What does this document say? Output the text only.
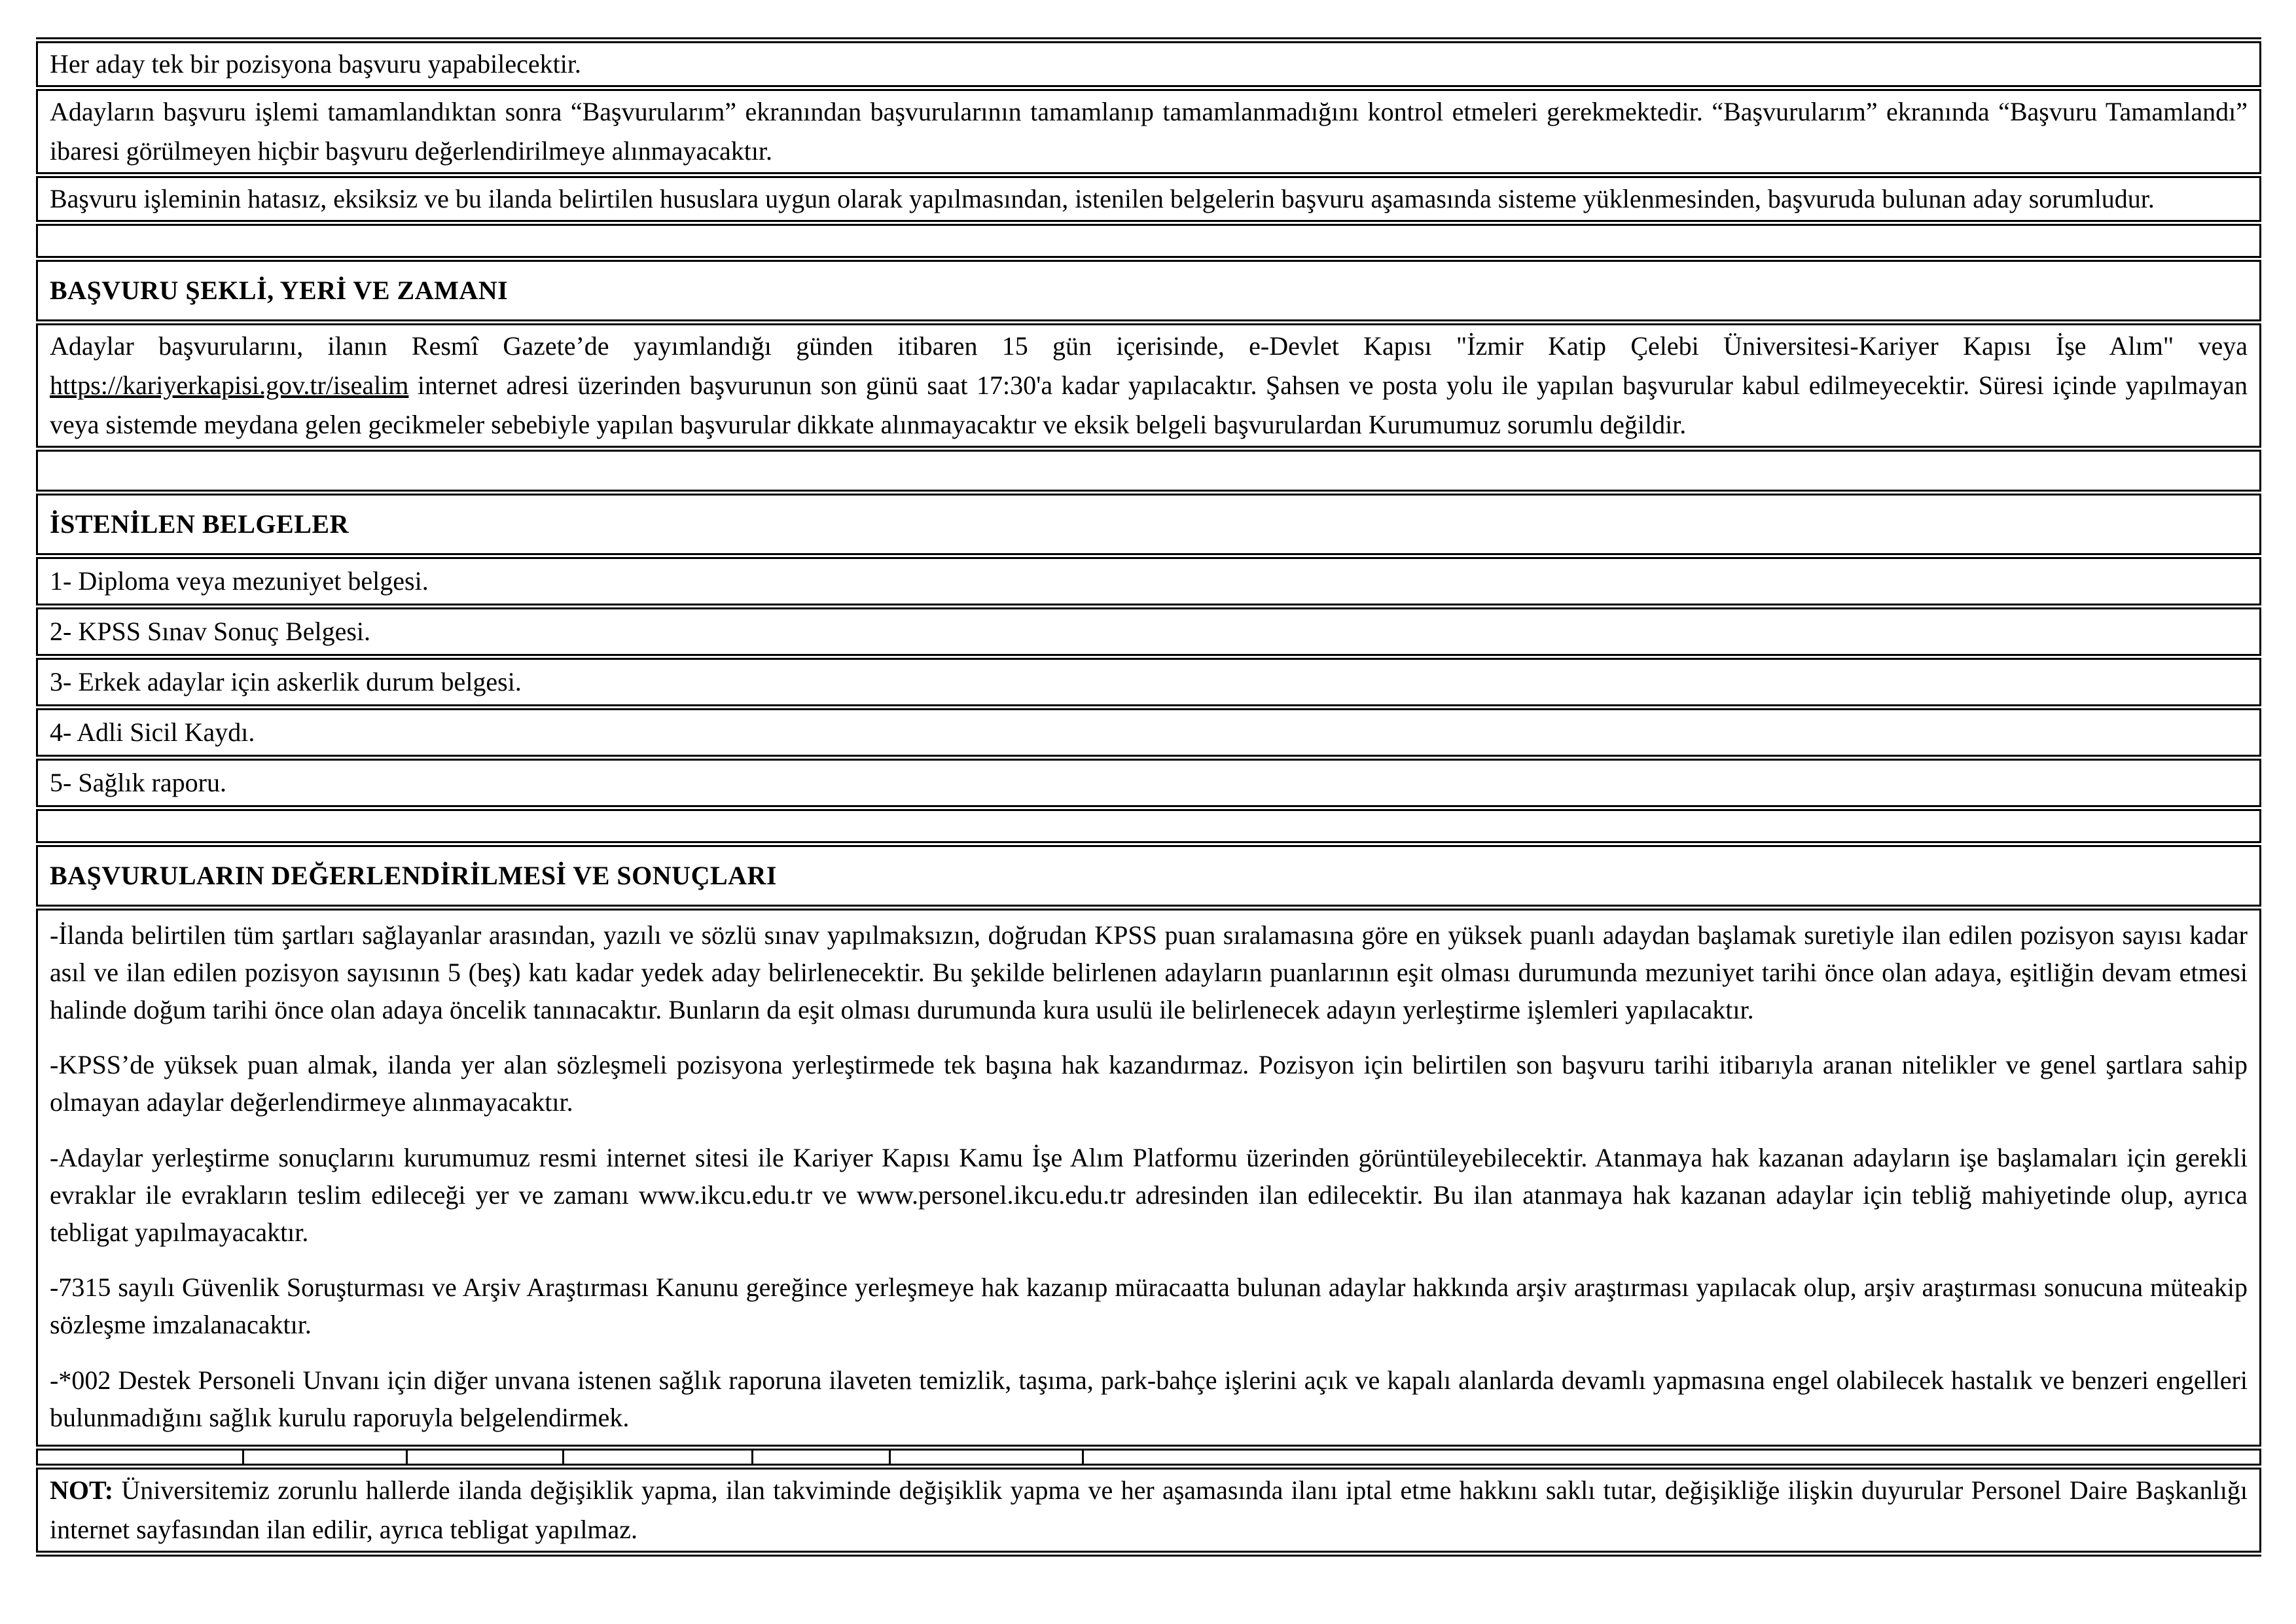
Her aday tek bir pozisyona başvuru yapabilecektir.
Adayların başvuru işlemi tamamlandıktan sonra “Başvurularım” ekranından başvurularının tamamlanıp tamamlanmadığını kontrol etmeleri gerekmektedir. “Başvurularım” ekranında “Başvuru Tamamlandı” ibaresi görülmeyen hiçbir başvuru değerlendirilmeye alınmayacaktır.
Başvuru işleminin hatasız, eksiksiz ve bu ilanda belirtilen hususlara uygun olarak yapılmasından, istenilen belgelerin başvuru aşamasında sisteme yüklenmesinden, başvuruda bulunan aday sorumludur.
BAŞVURU ŞEKLİ, YERİ VE ZAMANI
Adaylar başvurularını, ilanın Resmî Gazete’de yayımlandığı günden itibaren 15 gün içerisinde, e-Devlet Kapısı "İzmir Katip Çelebi Üniversitesi-Kariyer Kapısı İşe Alım" veya https://kariyerkapisi.gov.tr/isealim internet adresi üzerinden başvurunun son günü saat 17:30'a kadar yapılacaktır. Şahsen ve posta yolu ile yapılan başvurular kabul edilmeyecektir. Süresi içinde yapılmayan veya sistemde meydana gelen gecikmeler sebebiyle yapılan başvurular dikkate alınmayacaktır ve eksik belgeli başvurulardan Kurumumuz sorumlu değildir.
İSTENİLEN BELGELER
1- Diploma veya mezuniyet belgesi.
2- KPSS Sınav Sonuç Belgesi.
3- Erkek adaylar için askerlik durum belgesi.
4- Adli Sicil Kaydı.
5- Sağlık raporu.
BAŞVURULARIN DEĞERLENDİRİLMESİ VE SONUÇLARI

-İlanda belirtilen tüm şartları sağlayanlar arasından, yazılı ve sözlü sınav yapılmaksızın, doğrudan KPSS puan sıralamasına göre en yüksek puanlı adaydan başlamak suretiyle ilan edilen pozisyon sayısı kadar asıl ve ilan edilen pozisyon sayısının 5 (beş) katı kadar yedek aday belirlenecektir. Bu şekilde belirlenen adayların puanlarının eşit olması durumunda mezuniyet tarihi önce olan adaya, eşitliğin devam etmesi halinde doğum tarihi önce olan adaya öncelik tanınacaktır. Bunların da eşit olması durumunda kura usulü ile belirlenecek adayın yerleştirme işlemleri yapılacaktır.

-KPSS’de yüksek puan almak, ilanda yer alan sözleşmeli pozisyona yerleştirmede tek başına hak kazandırmaz. Pozisyon için belirtilen son başvuru tarihi itibarıyla aranan nitelikler ve genel şartlara sahip olmayan adaylar değerlendirmeye alınmayacaktır.

-Adaylar yerleştirme sonuçlarını kurumumuz resmi internet sitesi ile Kariyer Kapısı Kamu İşe Alım Platformu üzerinden görüntüleyebilecektir. Atanmaya hak kazanan adayların işe başlamaları için gerekli evraklar ile evrakların teslim edileceği yer ve zamanı www.ikcu.edu.tr ve www.personel.ikcu.edu.tr adresinden ilan edilecektir. Bu ilan atanmaya hak kazanan adaylar için tebliğ mahiyetinde olup, ayrıca tebligat yapılmayacaktır.

-7315 sayılı Güvenlik Soruşturması ve Arşiv Araştırması Kanunu gereğince yerleşmeye hak kazanıp müracaatta bulunan adaylar hakkında arşiv araştırması yapılacak olup, arşiv araştırması sonucuna müteakip sözleşme imzalanacaktır.

-*002 Destek Personeli Unvanı için diğer unvana istenen sağlık raporuna ilaveten temizlik, taşıma, park-bahçe işlerini açık ve kapalı alanlarda devamlı yapmasına engel olabilecek hastalık ve benzeri engelleri bulunmadığını sağlık kurulu raporuyla belgelendirmek.

NOT: Üniversitemiz zorunlu hallerde ilanda değişiklik yapma, ilan takviminde değişiklik yapma ve her aşamasında ilanı iptal etme hakkını saklı tutar, değişikliğe ilişkin duyurular Personel Daire Başkanlığı internet sayfasından ilan edilir, ayrıca tebligat yapılmaz.
